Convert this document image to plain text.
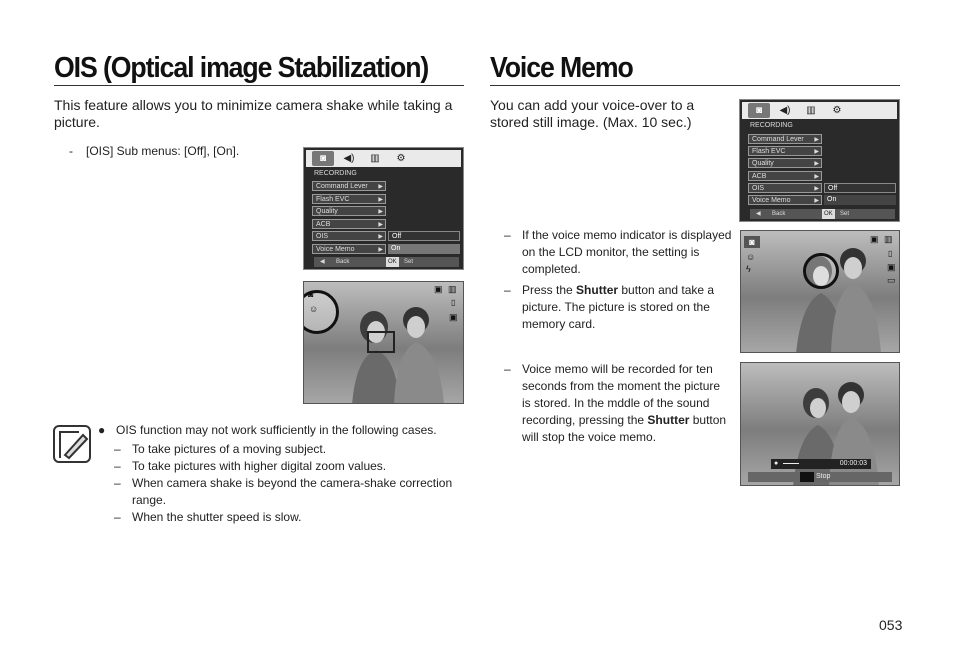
OIS (Optical image Stabilization)
This feature allows you to minimize camera shake while taking a picture.
- [OIS] Sub menus: [Off], [On].
◙	◀)	▥	⚙
RECORDING
Command Lever ▶
Flash EVC	▶
Quality	▶
ACB	▶
OIS	▶
Voice Memo	▶
Off
On
◀ Back	OK	Set
◙
☺
▥
▣
▯
▣
● OIS function may not work sufficiently in the following cases.
– To take pictures of a moving subject.
– To take pictures with higher digital zoom values.
– When camera shake is beyond the camera-shake correction range.
– When the shutter speed is slow.
Voice Memo
You can add your voice-over to a stored still image. (Max. 10 sec.)
◙	◀)	▥	⚙
RECORDING
Command Lever ▶
Flash EVC	▶
Quality	▶
ACB	▶
OIS	▶
Voice Memo	▶
Off
On
◀ Back	OK	Set
◙
☺
ϟ
▥
▣
▯
▣
▭
– If the voice memo indicator is displayed on the LCD monitor, the setting is completed.
– Press the Shutter button and take a picture. The picture is stored on the memory card.
– Voice memo will be recorded for ten seconds from the moment the picture is stored. In the mddle of the sound recording, pressing the Shutter button will stop the voice memo.
●	00:00:03
Stop
053
